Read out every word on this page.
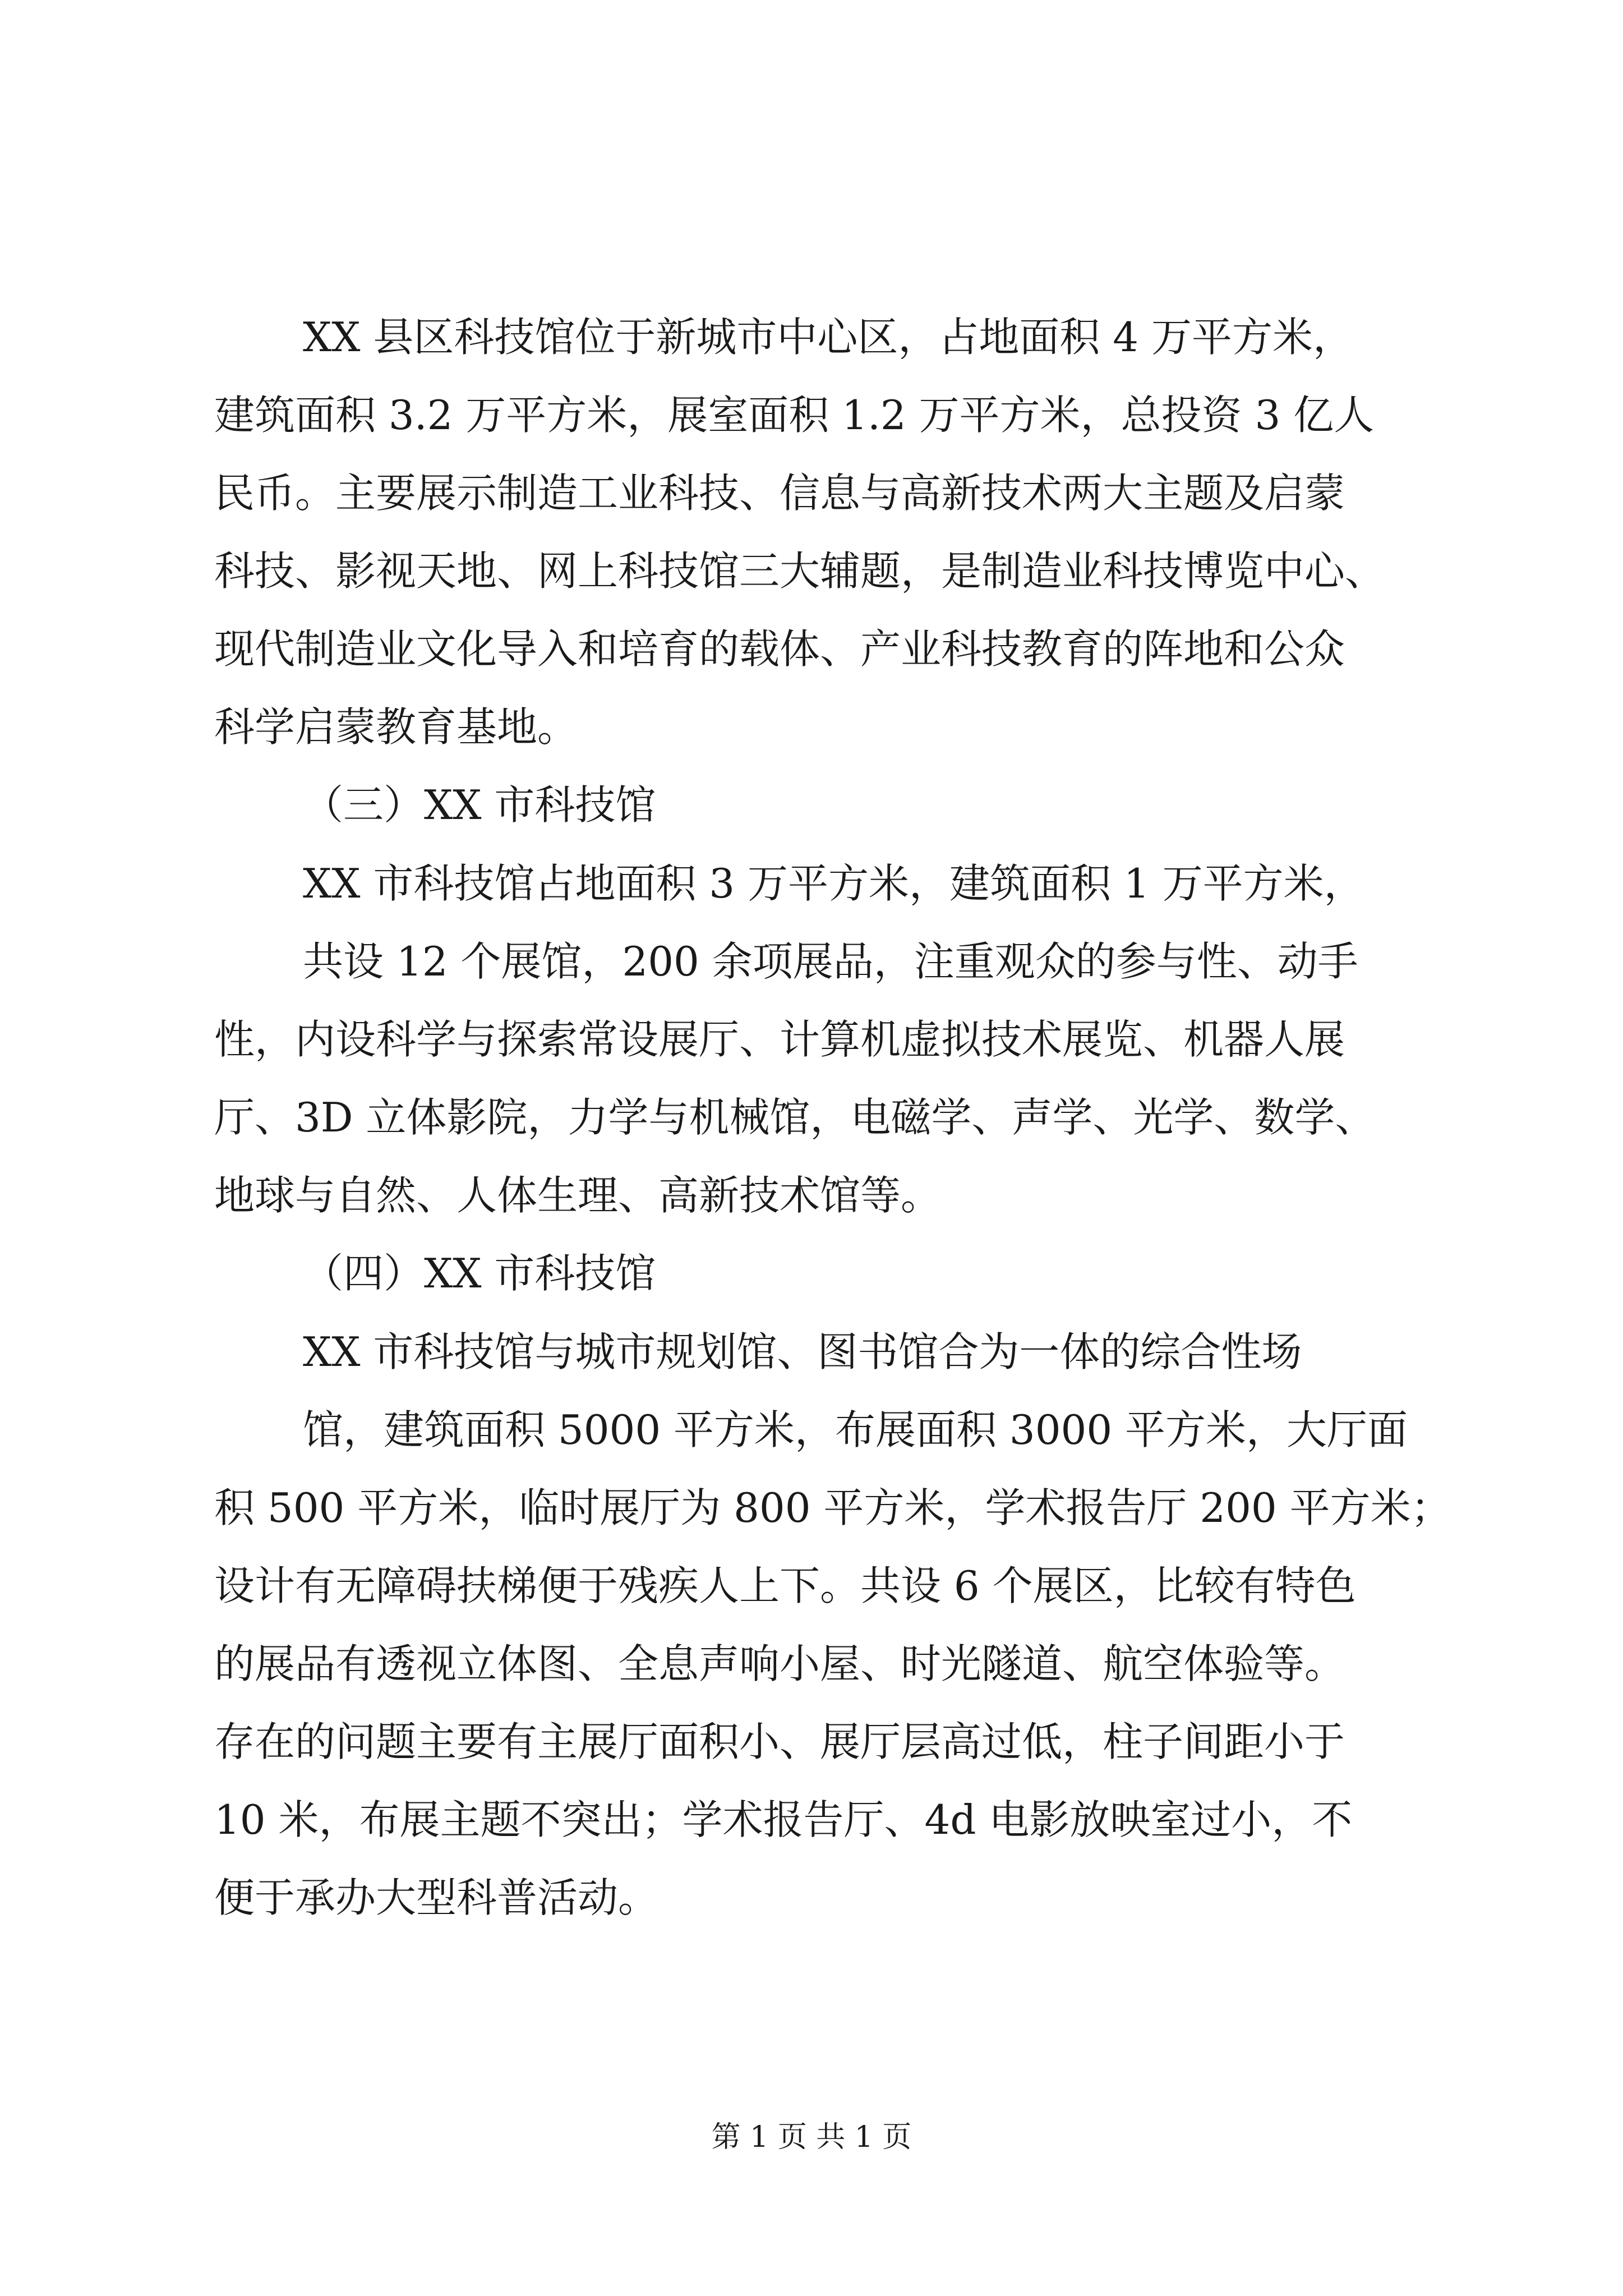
XX 县区科技馆位于新城市中心区，占地面积 4 万平方米，
建筑面积 3.2 万平方米，展室面积 1.2 万平方米，总投资 3 亿人
民币。主要展示制造工业科技、信息与高新技术两大主题及启蒙
科技、影视天地、网上科技馆三大辅题，是制造业科技博览中心、
现代制造业文化导入和培育的载体、产业科技教育的阵地和公众
科学启蒙教育基地。
（三）XX 市科技馆
XX 市科技馆占地面积 3 万平方米，建筑面积 1 万平方米，
共设 12 个展馆，200 余项展品，注重观众的参与性、动手
性，内设科学与探索常设展厅、计算机虚拟技术展览、机器人展
厅、3D 立体影院，力学与机械馆，电磁学、声学、光学、数学、
地球与自然、人体生理、高新技术馆等。
（四）XX 市科技馆
XX 市科技馆与城市规划馆、图书馆合为一体的综合性场
馆，建筑面积 5000 平方米，布展面积 3000 平方米，大厅面
积 500 平方米，临时展厅为 800 平方米，学术报告厅 200 平方米；
设计有无障碍扶梯便于残疾人上下。共设 6 个展区，比较有特色
的展品有透视立体图、全息声响小屋、时光隧道、航空体验等。
存在的问题主要有主展厅面积小、展厅层高过低，柱子间距小于
10 米，布展主题不突出；学术报告厅、4d 电影放映室过小，不
便于承办大型科普活动。
第 1 页 共 1 页
